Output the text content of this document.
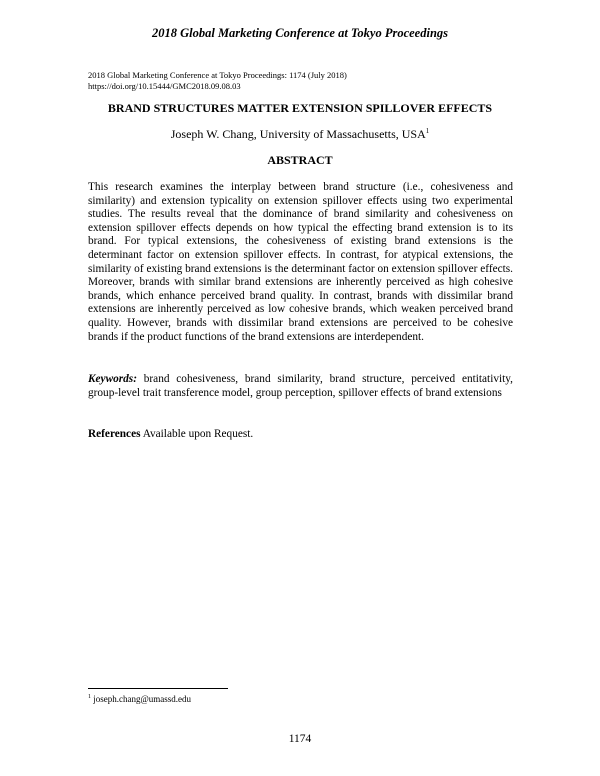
2018 Global Marketing Conference at Tokyo Proceedings
2018 Global Marketing Conference at Tokyo Proceedings: 1174 (July 2018)
https://doi.org/10.15444/GMC2018.09.08.03
BRAND STRUCTURES MATTER EXTENSION SPILLOVER EFFECTS
Joseph W. Chang, University of Massachusetts, USA$^1$
ABSTRACT

This research examines the interplay between brand structure (i.e., cohesiveness and similarity) and extension typicality on extension spillover effects using two experimental studies. The results reveal that the dominance of brand similarity and cohesiveness on extension spillover effects depends on how typical the effecting brand extension is to its brand. For typical extensions, the cohesiveness of existing brand extensions is the determinant factor on extension spillover effects. In contrast, for atypical extensions, the similarity of existing brand extensions is the determinant factor on extension spillover effects. Moreover, brands with similar brand extensions are inherently perceived as high cohesive brands, which enhance perceived brand quality. In contrast, brands with dissimilar brand extensions are inherently perceived as low cohesive brands, which weaken perceived brand quality. However, brands with dissimilar brand extensions are perceived to be cohesive brands if the product functions of the brand extensions are interdependent.

Keywords: brand cohesiveness, brand similarity, brand structure, perceived entitativity, group-level trait transference model, group perception, spillover effects of brand extensions

References Available upon Request.

$^1$ joseph.chang@umassd.edu
1174
